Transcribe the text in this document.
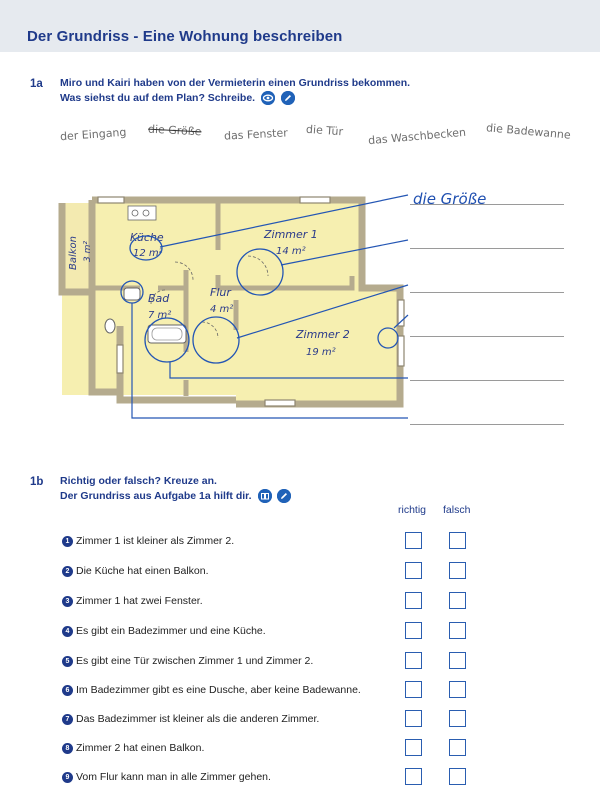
Der Grundriss - Eine Wohnung beschreiben
1a Miro und Kairi haben von der Vermieterin einen Grundriss bekommen.
Was siehst du auf dem Plan? Schreibe.

der Eingang die Größe das Fenster die Tür das Waschbecken die Badewanne
Küche
12 m²
Zimmer 1
14 m²
Balkon 3 m²
Bad
7 m²
Flur
4 m²
Zimmer 2
19 m²
die Größe
1b Richtig oder falsch? Kreuze an.
Der Grundriss aus Aufgabe 1a hilft dir.

richtig falsch
1 Zimmer 1 ist kleiner als Zimmer 2.
2 Die Küche hat einen Balkon.
3 Zimmer 1 hat zwei Fenster.
4 Es gibt ein Badezimmer und eine Küche.
5 Es gibt eine Tür zwischen Zimmer 1 und Zimmer 2.
6 Im Badezimmer gibt es eine Dusche, aber keine Badewanne.
7 Das Badezimmer ist kleiner als die anderen Zimmer.
8 Zimmer 2 hat einen Balkon.
9 Vom Flur kann man in alle Zimmer gehen.
